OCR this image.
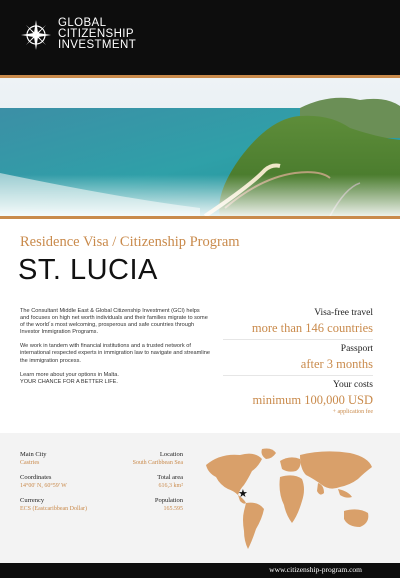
GLOBAL
CITIZENSHIP
INVESTMENT
Residence Visa / Citizenship Program
ST. LUCIA

The Consultant Middle East & Global Citizenship Investment (GCI) helps and focuses on high net worth individuals and their families migrate to some of the world´s most welcoming, prosperous and safe countries through Investor Immigration Programs.

We work in tandem with financial institutions and a trusted network of international respected experts in immigration law to navigate and streamline the immigration process.

Learn more about your options in Malta.
YOUR CHANCE FOR A BETTER LIFE.
Visa-free travel
more than 146 countries
Passport
after 3 months
Your costs
minimum 100,000 USD
+ application fee
Main City
Castries
Location
South Caribbean Sea
Coordinates
14°00' N, 60°59' W
Total area
616,3 km²
Currency
ECS (Eastcaribbean Dollar)
Population
165.595
★
www.citizenship-program.com
